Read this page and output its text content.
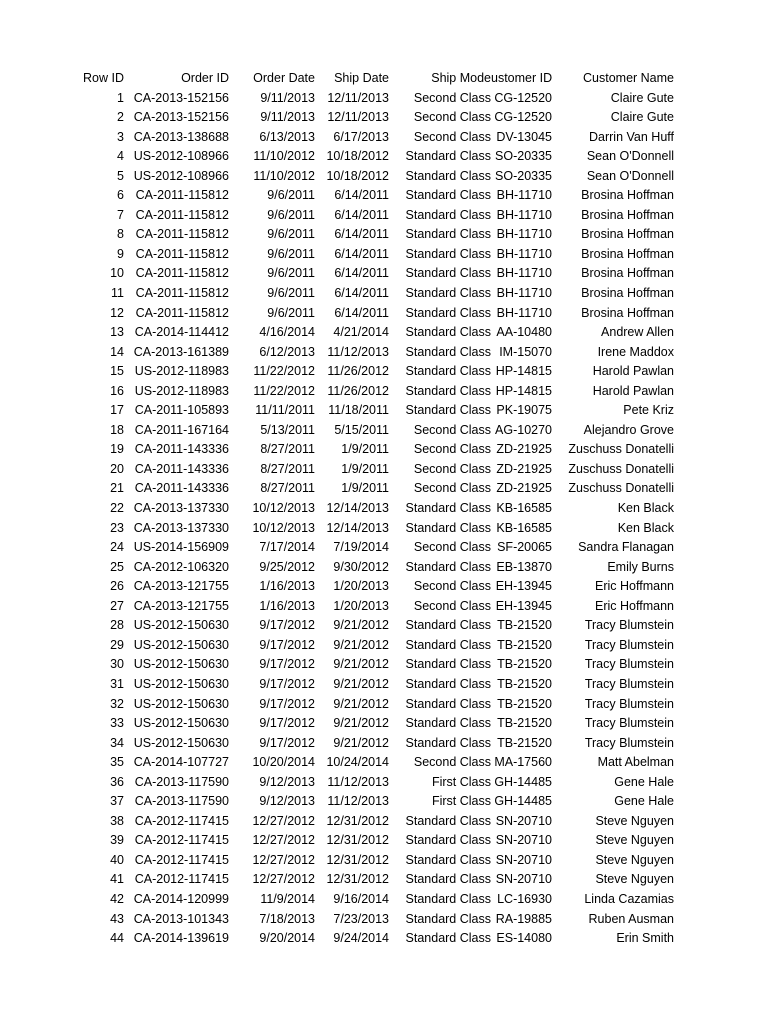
Row ID	Order ID	Order Date	Ship Date	Ship Mode	ustomer ID	Customer Name	
1	CA-2013-152156	9/11/2013	12/11/2013	Second Class	CG-12520	Claire Gute	
2	CA-2013-152156	9/11/2013	12/11/2013	Second Class	CG-12520	Claire Gute	
3	CA-2013-138688	6/13/2013	6/17/2013	Second Class	DV-13045	Darrin Van Huff	
4	US-2012-108966	11/10/2012	10/18/2012	Standard Class	SO-20335	Sean O'Donnell	
5	US-2012-108966	11/10/2012	10/18/2012	Standard Class	SO-20335	Sean O'Donnell	
6	CA-2011-115812	9/6/2011	6/14/2011	Standard Class	BH-11710	Brosina Hoffman	
7	CA-2011-115812	9/6/2011	6/14/2011	Standard Class	BH-11710	Brosina Hoffman	
8	CA-2011-115812	9/6/2011	6/14/2011	Standard Class	BH-11710	Brosina Hoffman	
9	CA-2011-115812	9/6/2011	6/14/2011	Standard Class	BH-11710	Brosina Hoffman	
10	CA-2011-115812	9/6/2011	6/14/2011	Standard Class	BH-11710	Brosina Hoffman	
11	CA-2011-115812	9/6/2011	6/14/2011	Standard Class	BH-11710	Brosina Hoffman	
12	CA-2011-115812	9/6/2011	6/14/2011	Standard Class	BH-11710	Brosina Hoffman	
13	CA-2014-114412	4/16/2014	4/21/2014	Standard Class	AA-10480	Andrew Allen	
14	CA-2013-161389	6/12/2013	11/12/2013	Standard Class	IM-15070	Irene Maddox	
15	US-2012-118983	11/22/2012	11/26/2012	Standard Class	HP-14815	Harold Pawlan	
16	US-2012-118983	11/22/2012	11/26/2012	Standard Class	HP-14815	Harold Pawlan	
17	CA-2011-105893	11/11/2011	11/18/2011	Standard Class	PK-19075	Pete Kriz	
18	CA-2011-167164	5/13/2011	5/15/2011	Second Class	AG-10270	Alejandro Grove	
19	CA-2011-143336	8/27/2011	1/9/2011	Second Class	ZD-21925	Zuschuss Donatelli	
20	CA-2011-143336	8/27/2011	1/9/2011	Second Class	ZD-21925	Zuschuss Donatelli	
21	CA-2011-143336	8/27/2011	1/9/2011	Second Class	ZD-21925	Zuschuss Donatelli	
22	CA-2013-137330	10/12/2013	12/14/2013	Standard Class	KB-16585	Ken Black	
23	CA-2013-137330	10/12/2013	12/14/2013	Standard Class	KB-16585	Ken Black	
24	US-2014-156909	7/17/2014	7/19/2014	Second Class	SF-20065	Sandra Flanagan	
25	CA-2012-106320	9/25/2012	9/30/2012	Standard Class	EB-13870	Emily Burns	
26	CA-2013-121755	1/16/2013	1/20/2013	Second Class	EH-13945	Eric Hoffmann	
27	CA-2013-121755	1/16/2013	1/20/2013	Second Class	EH-13945	Eric Hoffmann	
28	US-2012-150630	9/17/2012	9/21/2012	Standard Class	TB-21520	Tracy Blumstein	
29	US-2012-150630	9/17/2012	9/21/2012	Standard Class	TB-21520	Tracy Blumstein	
30	US-2012-150630	9/17/2012	9/21/2012	Standard Class	TB-21520	Tracy Blumstein	
31	US-2012-150630	9/17/2012	9/21/2012	Standard Class	TB-21520	Tracy Blumstein	
32	US-2012-150630	9/17/2012	9/21/2012	Standard Class	TB-21520	Tracy Blumstein	
33	US-2012-150630	9/17/2012	9/21/2012	Standard Class	TB-21520	Tracy Blumstein	
34	US-2012-150630	9/17/2012	9/21/2012	Standard Class	TB-21520	Tracy Blumstein	
35	CA-2014-107727	10/20/2014	10/24/2014	Second Class	MA-17560	Matt Abelman	
36	CA-2013-117590	9/12/2013	11/12/2013	First Class	GH-14485	Gene Hale	
37	CA-2013-117590	9/12/2013	11/12/2013	First Class	GH-14485	Gene Hale	
38	CA-2012-117415	12/27/2012	12/31/2012	Standard Class	SN-20710	Steve Nguyen	
39	CA-2012-117415	12/27/2012	12/31/2012	Standard Class	SN-20710	Steve Nguyen	
40	CA-2012-117415	12/27/2012	12/31/2012	Standard Class	SN-20710	Steve Nguyen	
41	CA-2012-117415	12/27/2012	12/31/2012	Standard Class	SN-20710	Steve Nguyen	
42	CA-2014-120999	11/9/2014	9/16/2014	Standard Class	LC-16930	Linda Cazamias	
43	CA-2013-101343	7/18/2013	7/23/2013	Standard Class	RA-19885	Ruben Ausman	
44	CA-2014-139619	9/20/2014	9/24/2014	Standard Class	ES-14080	Erin Smith	
